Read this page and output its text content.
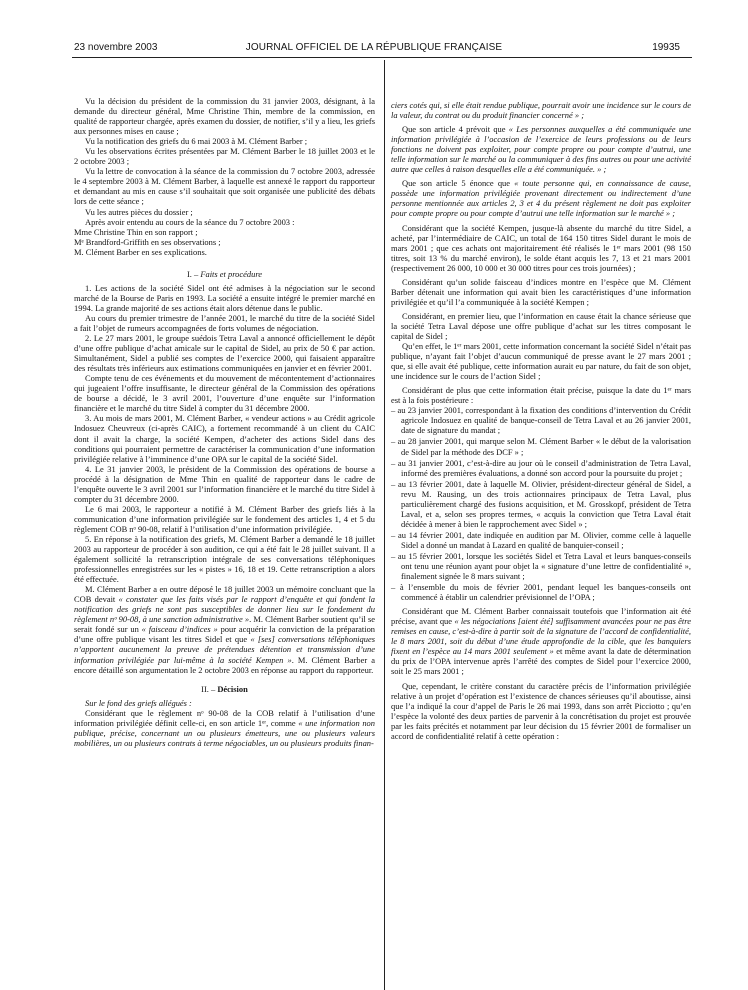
23 novembre 2003	JOURNAL OFFICIEL DE LA RÉPUBLIQUE FRANÇAISE	19935

Vu la décision du président de la commission du 31 janvier 2003, désignant, à la demande du directeur général, Mme Christine Thin, membre de la commission, en qualité de rapporteur chargée, après examen du dossier, de notifier, s’il y a lieu, les griefs aux personnes mises en cause ;

Vu la notification des griefs du 6 mai 2003 à M. Clément Barber ;

Vu les observations écrites présentées par M. Clément Barber le 18 juillet 2003 et le 2 octobre 2003 ;

Vu la lettre de convocation à la séance de la commission du 7 octobre 2003, adressée le 4 septembre 2003 à M. Clément Barber, à laquelle est annexé le rapport du rapporteur et demandant au mis en cause s’il souhaitait que soit organisée une publicité des débats lors de cette séance ;

Vu les autres pièces du dossier ;

Après avoir entendu au cours de la séance du 7 octobre 2003 :

Mme Christine Thin en son rapport ;

Mᵉ Brandford-Griffith en ses observations ;

M. Clément Barber en ses explications.

I. – Faits et procédure

1. Les actions de la société Sidel ont été admises à la négociation sur le second marché de la Bourse de Paris en 1993. La société a ensuite intégré le premier marché en 1994. La grande majorité de ses actions était alors détenue dans le public.

Au cours du premier trimestre de l’année 2001, le marché du titre de la société Sidel a fait l’objet de rumeurs accompagnées de forts volumes de négociation.

2. Le 27 mars 2001, le groupe suédois Tetra Laval a annoncé officiellement le dépôt d’une offre publique d’achat amicale sur le capital de Sidel, au prix de 50 € par action. Simultanément, Sidel a publié ses comptes de l’exercice 2000, qui faisaient apparaître des résultats très inférieurs aux estimations communiquées en janvier et en février 2001.

Compte tenu de ces événements et du mouvement de mécontentement d’actionnaires qui jugeaient l’offre insuffisante, le directeur général de la Commission des opérations de bourse a décidé, le 3 avril 2001, l’ouverture d’une enquête sur l’information financière et le marché du titre Sidel à compter du 31 décembre 2000.

3. Au mois de mars 2001, M. Clément Barber, « vendeur actions » au Crédit agricole Indosuez Cheuvreux (ci-après CAIC), a fortement recommandé à un client du CAIC dont il avait la charge, la société Kempen, d’acheter des actions Sidel dans des conditions qui pourraient permettre de caractériser la communication d’une information privilégiée relative à l’imminence d’une OPA sur le capital de la société Sidel.

4. Le 31 janvier 2003, le président de la Commission des opérations de bourse a procédé à la désignation de Mme Thin en qualité de rapporteur dans le cadre de l’enquête ouverte le 3 avril 2001 sur l’information financière et le marché du titre Sidel à compter du 31 décembre 2000.

Le 6 mai 2003, le rapporteur a notifié à M. Clément Barber des griefs liés à la communication d’une information privilégiée sur le fondement des articles 1, 4 et 5 du règlement COB nᵒ 90-08, relatif à l’utilisation d’une information privilégiée.

5. En réponse à la notification des griefs, M. Clément Barber a demandé le 18 juillet 2003 au rapporteur de procéder à son audition, ce qui a été fait le 28 juillet suivant. Il a également sollicité la retranscription intégrale de ses conversations téléphoniques professionnelles enregistrées sur les « pistes » 16, 18 et 19. Cette retranscription a alors été effectuée.

M. Clément Barber a en outre déposé le 18 juillet 2003 un mémoire concluant que la COB devait « constater que les faits visés par le rapport d’enquête et qui fondent la notification des griefs ne sont pas susceptibles de donner lieu sur le fondement du règlement nᵒ 90-08, à une sanction administrative ». M. Clément Barber soutient qu’il se serait fondé sur un « faisceau d’indices » pour acquérir la conviction de la préparation d’une offre publique visant les titres Sidel et que « [ses] conversations téléphoniques n’apportent aucunement la preuve de prétendues détention et transmission d’une information privilégiée par lui-même à la société Kempen ». M. Clément Barber a encore détaillé son argumentation le 2 octobre 2003 en réponse au rapport du rapporteur.

II. – Décision

Sur le fond des griefs allégués :

Considérant que le règlement nᵒ 90-08 de la COB relatif à l’utilisation d’une information privilégiée définit celle-ci, en son article 1ᵉʳ, comme « une information non publique, précise, concernant un ou plusieurs émetteurs, une ou plusieurs valeurs mobilières, un ou plusieurs contrats à terme négociables, un ou plusieurs produits finan-

ciers cotés qui, si elle était rendue publique, pourrait avoir une incidence sur le cours de la valeur, du contrat ou du produit financier concerné » ;

Que son article 4 prévoit que « Les personnes auxquelles a été communiquée une information privilégiée à l’occasion de l’exercice de leurs professions ou de leurs fonctions ne doivent pas exploiter, pour compte propre ou pour compte d’autrui, une telle information sur le marché ou la communiquer à des fins autres ou pour une activité autre que celles à raison desquelles elle a été communiquée. » ;

Que son article 5 énonce que « toute personne qui, en connaissance de cause, possède une information privilégiée provenant directement ou indirectement d’une personne mentionnée aux articles 2, 3 et 4 du présent règlement ne doit pas exploiter pour compte propre ou pour compte d’autrui une telle information sur le marché » ;

Considérant que la société Kempen, jusque-là absente du marché du titre Sidel, a acheté, par l’intermédiaire de CAIC, un total de 164 150 titres Sidel durant le mois de mars 2001 ; que ces achats ont majoritairement été réalisés le 1ᵉʳ mars 2001 (98 150 titres, soit 13 % du marché environ), le solde étant acquis les 7, 13 et 21 mars 2001 (respectivement 26 000, 10 000 et 30 000 titres pour ces trois journées) ;

Considérant qu’un solide faisceau d’indices montre en l’espèce que M. Clément Barber détenait une information qui avait bien les caractéristiques d’une information privilégiée et qu’il l’a communiquée à la société Kempen ;

Considérant, en premier lieu, que l’information en cause était la chance sérieuse que la société Tetra Laval dépose une offre publique d’achat sur les titres composant le capital de Sidel ;

Qu’en effet, le 1ᵉʳ mars 2001, cette information concernant la société Sidel n’était pas publique, n’ayant fait l’objet d’aucun communiqué de presse avant le 27 mars 2001 ; que, si elle avait été publique, cette information aurait eu par nature, du fait de son objet, une incidence sur le cours de l’action Sidel ;

Considérant de plus que cette information était précise, puisque la date du 1ᵉʳ mars est à la fois postérieure :

– au 23 janvier 2001, correspondant à la fixation des conditions d’intervention du Crédit agricole Indosuez en qualité de banque-conseil de Tetra Laval et au 26 janvier 2001, date de signature du mandat ;

– au 28 janvier 2001, qui marque selon M. Clément Barber « le début de la valorisation de Sidel par la méthode des DCF » ;

– au 31 janvier 2001, c’est-à-dire au jour où le conseil d’administration de Tetra Laval, informé des premières évaluations, a donné son accord pour la poursuite du projet ;

– au 13 février 2001, date à laquelle M. Olivier, président-directeur général de Sidel, a revu M. Rausing, un des trois actionnaires principaux de Tetra Laval, plus particulièrement chargé des fusions acquisition, et M. Grosskopf, président de Tetra Laval, et a, selon ses propres termes, « acquis la conviction que Tetra Laval était décidée à mener à bien le rapprochement avec Sidel » ;

– au 14 février 2001, date indiquée en audition par M. Olivier, comme celle à laquelle Sidel a donné un mandat à Lazard en qualité de banquier-conseil ;

– au 15 février 2001, lorsque les sociétés Sidel et Tetra Laval et leurs banques-conseils ont tenu une réunion ayant pour objet la « signature d’une lettre de confidentialité », finalement signée le 8 mars suivant ;

– à l’ensemble du mois de février 2001, pendant lequel les banques-conseils ont commencé à établir un calendrier prévisionnel de l’OPA ;

Considérant que M. Clément Barber connaissait toutefois que l’information ait été précise, avant que « les négociations [aient été] suffisamment avancées pour ne pas être remises en cause, c’est-à-dire à partir soit de la signature de l’accord de confidentialité, le 8 mars 2001, soit du début d’une étude approfondie de la cible, que les banquiers fixent en l’espèce au 14 mars 2001 seulement » et même avant la date de détermination du prix de l’OPA intervenue après l’arrêté des comptes de Sidel pour l’exercice 2000, soit le 25 mars 2001 ;

Que, cependant, le critère constant du caractère précis de l’information privilégiée relative à un projet d’opération est l’existence de chances sérieuses qu’il aboutisse, ainsi que l’a indiqué la cour d’appel de Paris le 26 mai 1993, dans son arrêt Picciotto ; qu’en l’espèce la volonté des deux parties de parvenir à la concrétisation du projet est prouvée par les faits précités et notamment par leur décision du 15 février 2001 de formaliser un accord de confidentialité relatif à cette opération :
